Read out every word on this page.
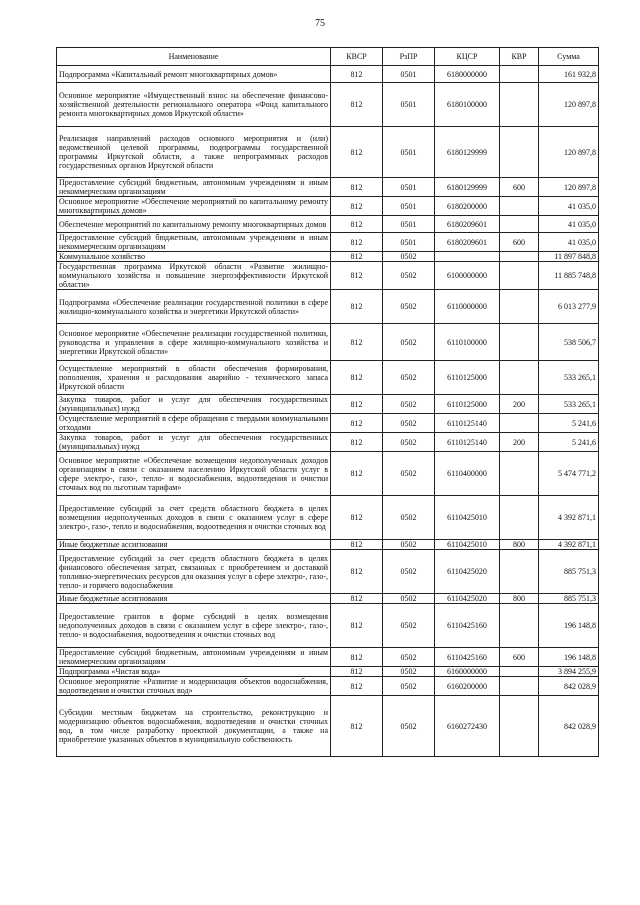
75
Наименование	КВСР	РзПР	КЦСР	КВР	Сумма
Подпрограмма «Капитальный ремонт многоквартирных домов»	812	0501	6180000000		161 932,8
Основное мероприятие «Имущественный взнос на обеспечение финансово-хозяйственной деятельности регионального оператора «Фонд капитального ремонта многоквартирных домов Иркутской области»	812	0501	6180100000		120 897,8
Реализация направлений расходов основного мероприятия и (или) ведомственной целевой программы, подпрограммы государственной программы Иркутской области, а также непрограммных расходов государственных органов Иркутской области	812	0501	6180129999		120 897,8
Предоставление субсидий бюджетным, автономным учреждениям и иным некоммерческим организациям	812	0501	6180129999	600	120 897,8
Основное мероприятие «Обеспечение мероприятий по капитальному ремонту многоквартирных домов»	812	0501	6180200000		41 035,0
Обеспечение мероприятий по капитальному ремонту многоквартирных домов	812	0501	6180209601		41 035,0
Предоставление субсидий бюджетным, автономным учреждениям и иным некоммерческим организациям	812	0501	6180209601	600	41 035,0
Коммунальное хозяйство	812	0502			11 897 848,8
Государственная программа Иркутской области «Развитие жилищно-коммунального хозяйства и повышение энергоэффективности Иркутской области»	812	0502	6100000000		11 885 748,8
Подпрограмма «Обеспечение реализации государственной политики в сфере жилищно-коммунального хозяйства и энергетики Иркутской области»	812	0502	6110000000		6 013 277,9
Основное мероприятие «Обеспечение реализации государственной политики, руководства и управления в сфере жилищно-коммунального хозяйства и энергетики Иркутской области»	812	0502	6110100000		538 506,7
Осуществление мероприятий в области обеспечения формирования, пополнения, хранения и расходования аварийно - технического запаса Иркутской области	812	0502	6110125000		533 265,1
Закупка товаров, работ и услуг для обеспечения государственных (муниципальных) нужд	812	0502	6110125000	200	533 265,1
Осуществление мероприятий в сфере обращения с твердыми коммунальными отходами	812	0502	6110125140		5 241,6
Закупка товаров, работ и услуг для обеспечения государственных (муниципальных) нужд	812	0502	6110125140	200	5 241,6
Основное мероприятие «Обеспечение возмещения недополученных доходов организациям в связи с оказанием населению Иркутской области услуг в сфере электро-, газо-, тепло- и водоснабжения, водоотведения и очистки сточных вод по льготным тарифам»	812	0502	6110400000		5 474 771,2
Предоставление субсидий за счет средств областного бюджета в целях возмещения недополученных доходов в связи с оказанием услуг в сфере электро-, газо-, тепло и водоснабжения, водоотведения и очистки сточных вод	812	0502	6110425010		4 392 871,1
Иные бюджетные ассигнования	812	0502	6110425010	800	4 392 871,1
Предоставление субсидий за счет средств областного бюджета в целях финансового обеспечения затрат, связанных с приобретением и доставкой топливно-энергетических ресурсов для оказания услуг в сфере электро-, газо-, тепло- и горячего водоснабжения	812	0502	6110425020		885 751,3
Иные бюджетные ассигнования	812	0502	6110425020	800	885 751,3
Предоставление грантов в форме субсидий в целях возмещения недополученных доходов в связи с оказанием услуг в сфере электро-, газо-, тепло- и водоснабжения, водоотведения и очистки сточных вод	812	0502	6110425160		196 148,8
Предоставление субсидий бюджетным, автономным учреждениям и иным некоммерческим организациям	812	0502	6110425160	600	196 148,8
Подпрограмма «Чистая вода»	812	0502	6160000000		3 894 255,9
Основное мероприятие «Развитие и модернизация объектов водоснабжения, водоотведения и очистки сточных вод»	812	0502	6160200000		842 028,9
Субсидии местным бюджетам на строительство, реконструкцию и модернизацию объектов водоснабжения, водоотведения и очистки сточных вод, в том числе разработку проектной документации, а также на приобретение указанных объектов в муниципальную собственность	812	0502	6160272430		842 028,9
